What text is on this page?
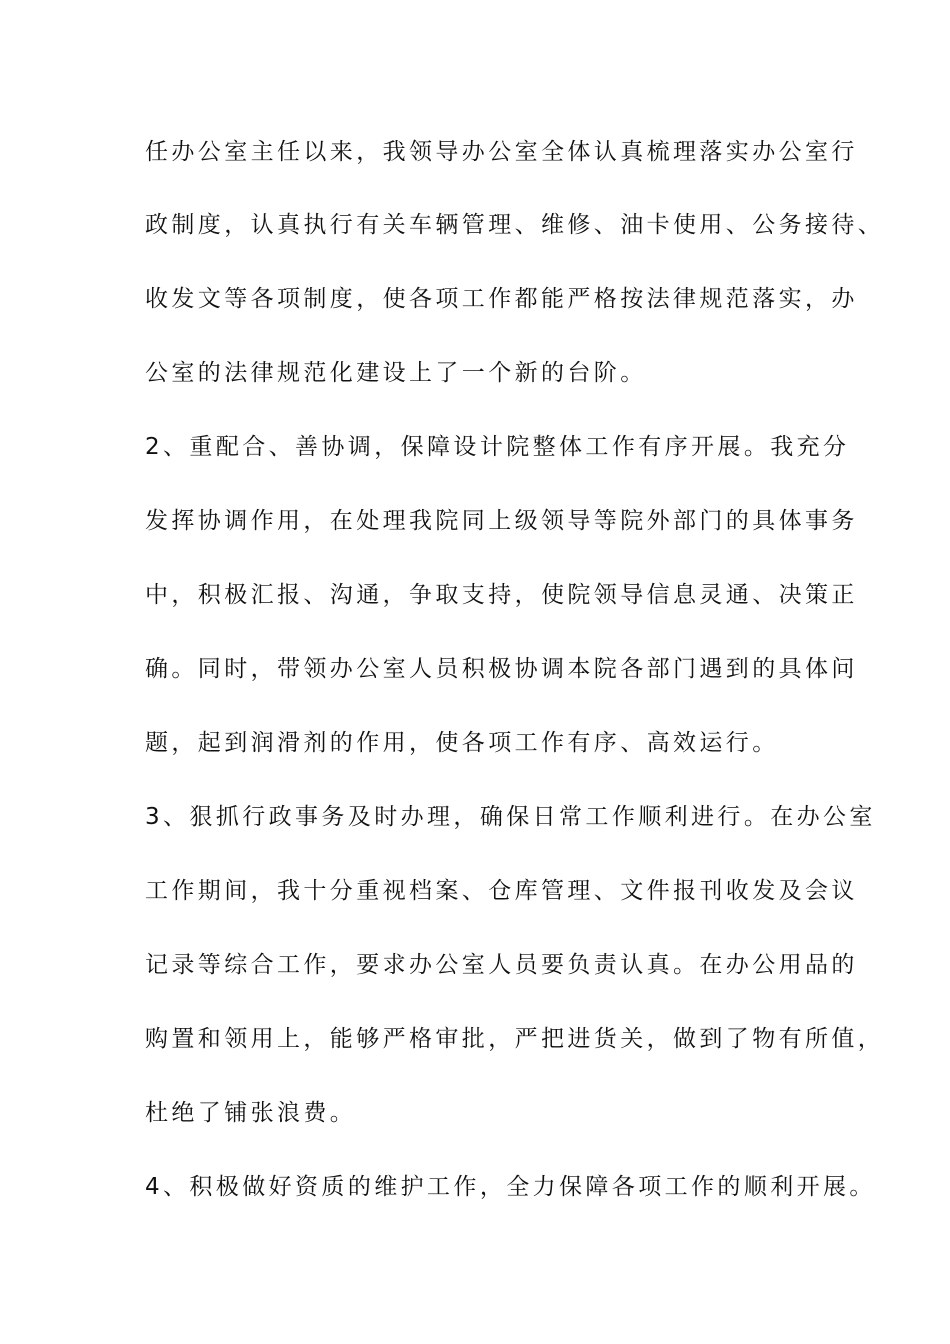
任办公室主任以来，我领导办公室全体认真梳理落实办公室行
政制度，认真执行有关车辆管理、维修、油卡使用、公务接待、
收发文等各项制度，使各项工作都能严格按法律规范落实，办
公室的法律规范化建设上了一个新的台阶。
2、重配合、善协调，保障设计院整体工作有序开展。我充分
发挥协调作用，在处理我院同上级领导等院外部门的具体事务
中，积极汇报、沟通，争取支持，使院领导信息灵通、决策正
确。同时，带领办公室人员积极协调本院各部门遇到的具体问
题，起到润滑剂的作用，使各项工作有序、高效运行。
3、狠抓行政事务及时办理，确保日常工作顺利进行。在办公室
工作期间，我十分重视档案、仓库管理、文件报刊收发及会议
记录等综合工作，要求办公室人员要负责认真。在办公用品的
购置和领用上，能够严格审批，严把进货关，做到了物有所值，
杜绝了铺张浪费。
4、积极做好资质的维护工作，全力保障各项工作的顺利开展。
